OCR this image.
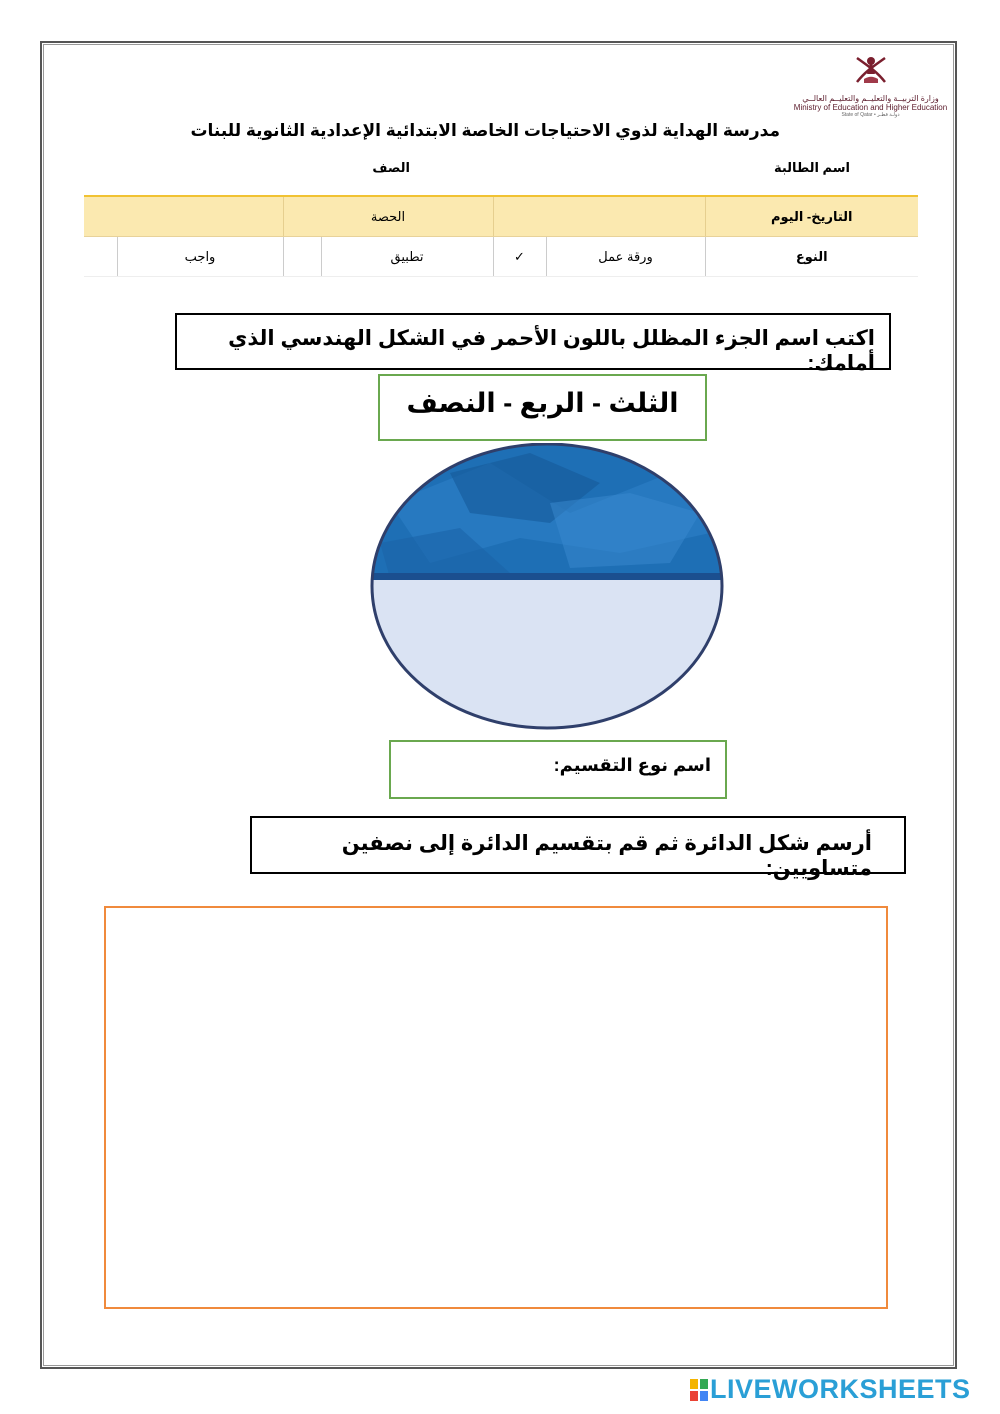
وزارة التربيــة والتعليــم والتعليــم العالــي
Ministry of Education and Higher Education
State of Qatar • دولـة قطـر
مدرسة الهداية لذوي الاحتياجات الخاصة الابتدائية الإعدادية الثانوية للبنات
اسم الطالبة
الصف
		الحصة				التاريخ- اليوم
	واجب		تطبيق	✓	ورقة عمل	النوع
اكتب اسم الجزء المظلل باللون الأحمر في الشكل الهندسي الذي أمامك:
الثلث - الربع - النصف
اسم نوع التقسيم:
أرسم شكل الدائرة ثم قم بتقسيم الدائرة إلى نصفين متساويين:
LIVEWORKSHEETS
